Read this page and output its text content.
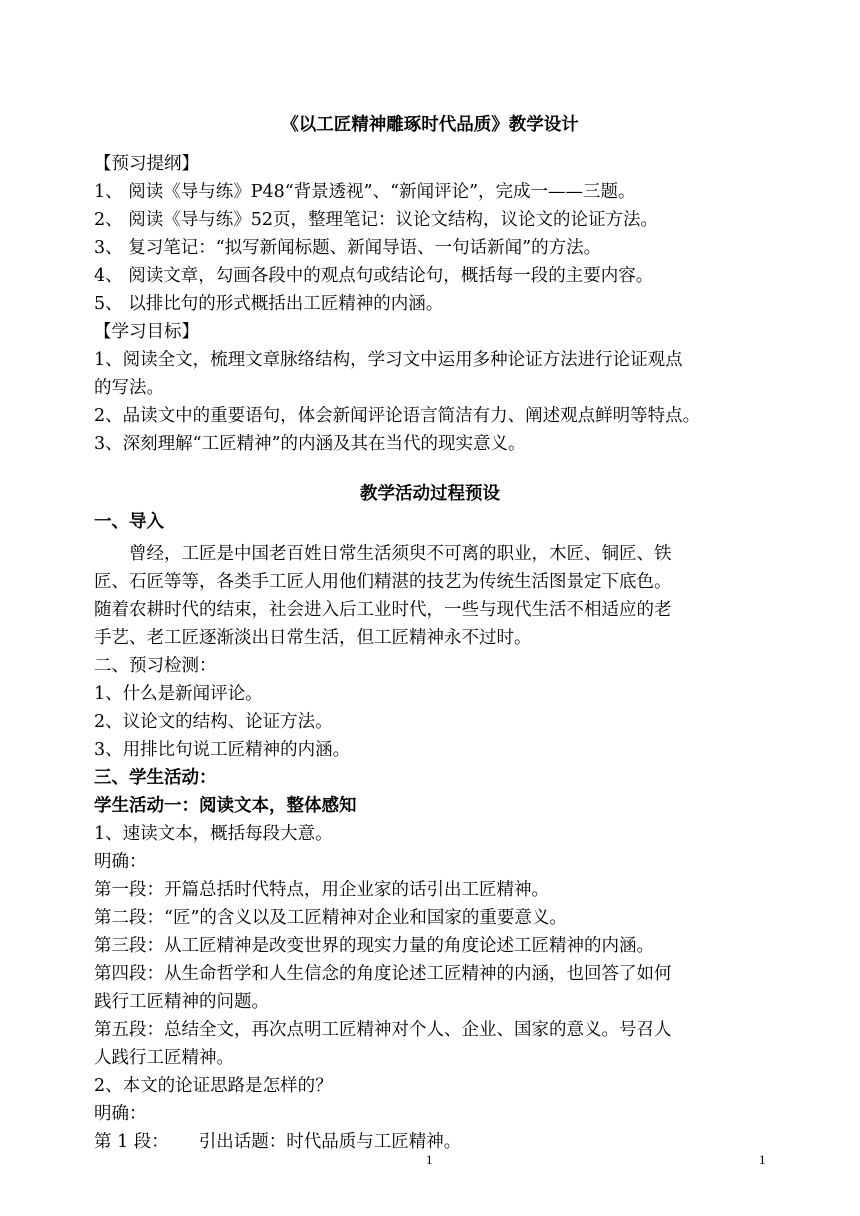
《以工匠精神雕琢时代品质》教学设计
【预习提纲】
1、 阅读《导与练》P48“背景透视”、“新闻评论”，完成一——三题。
2、 阅读《导与练》52页，整理笔记：议论文结构，议论文的论证方法。
3、 复习笔记：“拟写新闻标题、新闻导语、一句话新闻”的方法。
4、 阅读文章，勾画各段中的观点句或结论句，概括每一段的主要内容。
5、 以排比句的形式概括出工匠精神的内涵。
【学习目标】
1、阅读全文，梳理文章脉络结构，学习文中运用多种论证方法进行论证观点
的写法。
2、品读文中的重要语句，体会新闻评论语言简洁有力、阐述观点鲜明等特点。
3、深刻理解“工匠精神”的内涵及其在当代的现实意义。
教学活动过程预设
一、导入
曾经，工匠是中国老百姓日常生活须臾不可离的职业，木匠、铜匠、铁
匠、石匠等等，各类手工匠人用他们精湛的技艺为传统生活图景定下底色。
随着农耕时代的结束，社会进入后工业时代，一些与现代生活不相适应的老
手艺、老工匠逐渐淡出日常生活，但工匠精神永不过时。
二、预习检测：
1、什么是新闻评论。
2、议论文的结构、论证方法。
3、用排比句说工匠精神的内涵。
三、学生活动：
学生活动一：阅读文本，整体感知
1、速读文本，概括每段大意。
明确：
第一段：开篇总括时代特点，用企业家的话引出工匠精神。
第二段：“匠”的含义以及工匠精神对企业和国家的重要意义。
第三段：从工匠精神是改变世界的现实力量的角度论述工匠精神的内涵。
第四段：从生命哲学和人生信念的角度论述工匠精神的内涵，也回答了如何
践行工匠精神的问题。
第五段：总结全文，再次点明工匠精神对个人、企业、国家的意义。号召人
人践行工匠精神。
2、本文的论证思路是怎样的？
明确：
第 1 段： 引出话题：时代品质与工匠精神。
1	1
